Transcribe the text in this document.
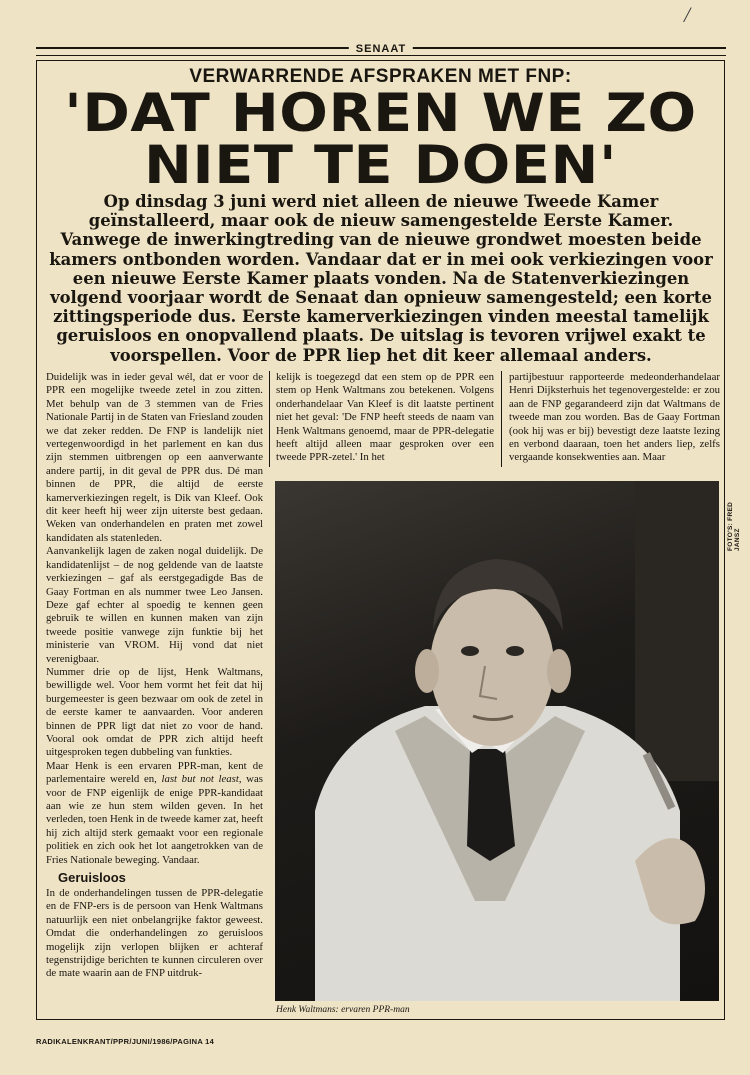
/
SENAAT
VERWARRENDE AFSPRAKEN MET FNP:
'DAT HOREN WE ZO
NIET TE DOEN'
Op dinsdag 3 juni werd niet alleen de nieuwe Tweede Kamer geïnstalleerd, maar ook de nieuw samengestelde Eerste Kamer. Vanwege de inwerkingtreding van de nieuwe grondwet moesten beide kamers ontbonden worden. Vandaar dat er in mei ook verkiezingen voor een nieuwe Eerste Kamer plaats vonden. Na de Statenverkiezingen volgend voorjaar wordt de Senaat dan opnieuw samengesteld; een korte zittingsperiode dus. Eerste kamerverkiezingen vinden meestal tamelijk geruisloos en onopvallend plaats. De uitslag is tevoren vrijwel exakt te voorspellen. Voor de PPR liep het dit keer allemaal anders.

Duidelijk was in ieder geval wél, dat er voor de PPR een mogelijke tweede zetel in zou zitten. Met behulp van de 3 stemmen van de Fries Nationale Partij in de Staten van Friesland zouden we dat zeker redden. De FNP is landelijk niet vertegenwoordigd in het parlement en kan dus zijn stemmen uitbrengen op een aanverwante andere partij, in dit geval de PPR dus. Dé man binnen de PPR, die altijd de eerste kamerverkiezingen regelt, is Dik van Kleef. Ook dit keer heeft hij weer zijn uiterste best gedaan. Weken van onderhandelen en praten met zowel kandidaten als statenleden.

Aanvankelijk lagen de zaken nogal duidelijk. De kandidatenlijst – de nog geldende van de laatste verkiezingen – gaf als eerstgegadigde Bas de Gaay Fortman en als nummer twee Leo Jansen. Deze gaf echter al spoedig te kennen geen gebruik te willen en kunnen maken van zijn tweede positie vanwege zijn funktie bij het ministerie van VROM. Hij vond dat niet verenigbaar.

Nummer drie op de lijst, Henk Waltmans, bewilligde wel. Voor hem vormt het feit dat hij burgemeester is geen bezwaar om ook de zetel in de eerste kamer te aanvaarden. Voor anderen binnen de PPR ligt dat niet zo voor de hand. Vooral ook omdat de PPR zich altijd heeft uitgesproken tegen dubbeling van funkties.

Maar Henk is een ervaren PPR-man, kent de parlementaire wereld en, last but not least, was voor de FNP eigenlijk de enige PPR-kandidaat aan wie ze hun stem wilden geven. In het verleden, toen Henk in de tweede kamer zat, heeft hij zich altijd sterk gemaakt voor een regionale politiek en zich ook het lot aangetrokken van de Fries Nationale beweging. Vandaar.

Geruisloos

In de onderhandelingen tussen de PPR-delegatie en de FNP-ers is de persoon van Henk Waltmans natuurlijk een niet onbelangrijke faktor geweest. Omdat die onderhandelingen zo geruisloos mogelijk zijn verlopen blijken er achteraf tegenstrijdige berichten te kunnen circuleren over de mate waarin aan de FNP uitdruk-

kelijk is toegezegd dat een stem op de PPR een stem op Henk Waltmans zou betekenen. Volgens onderhandelaar Van Kleef is dit laatste pertinent niet het geval: 'De FNP heeft steeds de naam van Henk Waltmans genoemd, maar de PPR-delegatie heeft altijd alleen maar gesproken over een tweede PPR-zetel.' In het

partijbestuur rapporteerde medeonderhandelaar Henri Dijksterhuis het tegenovergestelde: er zou aan de FNP gegarandeerd zijn dat Waltmans de tweede man zou worden. Bas de Gaay Fortman (ook hij was er bij) bevestigt deze laatste lezing en verbond daaraan, toen het anders liep, zelfs vergaande konsekwenties aan. Maar

FOTO'S: FRED JANSZ
Henk Waltmans: ervaren PPR-man
RADIKALENKRANT/PPR/JUNI/1986/PAGINA 14
